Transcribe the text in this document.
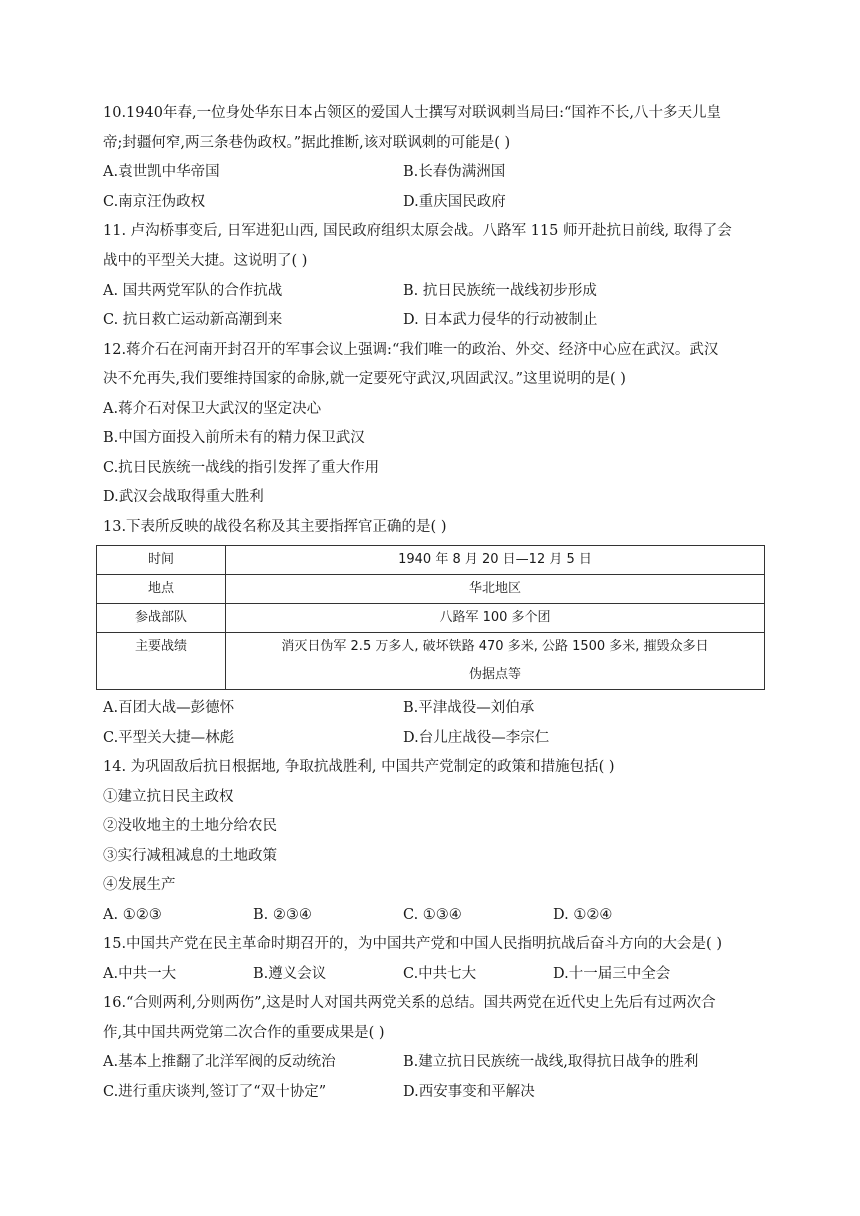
10.1940年春,一位身处华东日本占领区的爱国人士撰写对联讽刺当局曰:“国祚不长,八十多天儿皇
帝;封疆何窄,两三条巷伪政权。”据此推断,该对联讽刺的可能是( )
A.袁世凯中华帝国	B.长春伪满洲国
C.南京汪伪政权	D.重庆国民政府
11. 卢沟桥事变后, 日军进犯山西, 国民政府组织太原会战。八路军 115 师开赴抗日前线, 取得了会
战中的平型关大捷。这说明了( )
A. 国共两党军队的合作抗战	B. 抗日民族统一战线初步形成
C. 抗日救亡运动新高潮到来	D. 日本武力侵华的行动被制止
12.蒋介石在河南开封召开的军事会议上强调:“我们唯一的政治、外交、经济中心应在武汉。武汉
决不允再失,我们要维持国家的命脉,就一定要死守武汉,巩固武汉。”这里说明的是( )
A.蒋介石对保卫大武汉的坚定决心
B.中国方面投入前所未有的精力保卫武汉
C.抗日民族统一战线的指引发挥了重大作用
D.武汉会战取得重大胜利
13.下表所反映的战役名称及其主要指挥官正确的是( )
时间	1940 年 8 月 20 日—12 月 5 日
地点	华北地区
参战部队	八路军 100 多个团
主要战绩	消灭日伪军 2.5 万多人, 破坏铁路 470 多米, 公路 1500 多米, 摧毁众多日
伪据点等
A.百团大战—彭德怀	B.平津战役—刘伯承
C.平型关大捷—林彪	D.台儿庄战役—李宗仁
14. 为巩固敌后抗日根据地, 争取抗战胜利, 中国共产党制定的政策和措施包括( )
①建立抗日民主政权
②没收地主的土地分给农民
③实行减租减息的土地政策
④发展生产
A. ①②③	B. ②③④	C. ①③④	D. ①②④
15.中国共产党在民主革命时期召开的，为中国共产党和中国人民指明抗战后奋斗方向的大会是( )
A.中共一大	B.遵义会议	C.中共七大	D.十一届三中全会
16.“合则两利,分则两伤”,这是时人对国共两党关系的总结。国共两党在近代史上先后有过两次合
作,其中国共两党第二次合作的重要成果是( )
A.基本上推翻了北洋军阀的反动统治	B.建立抗日民族统一战线,取得抗日战争的胜利
C.进行重庆谈判,签订了“双十协定”	D.西安事变和平解决
